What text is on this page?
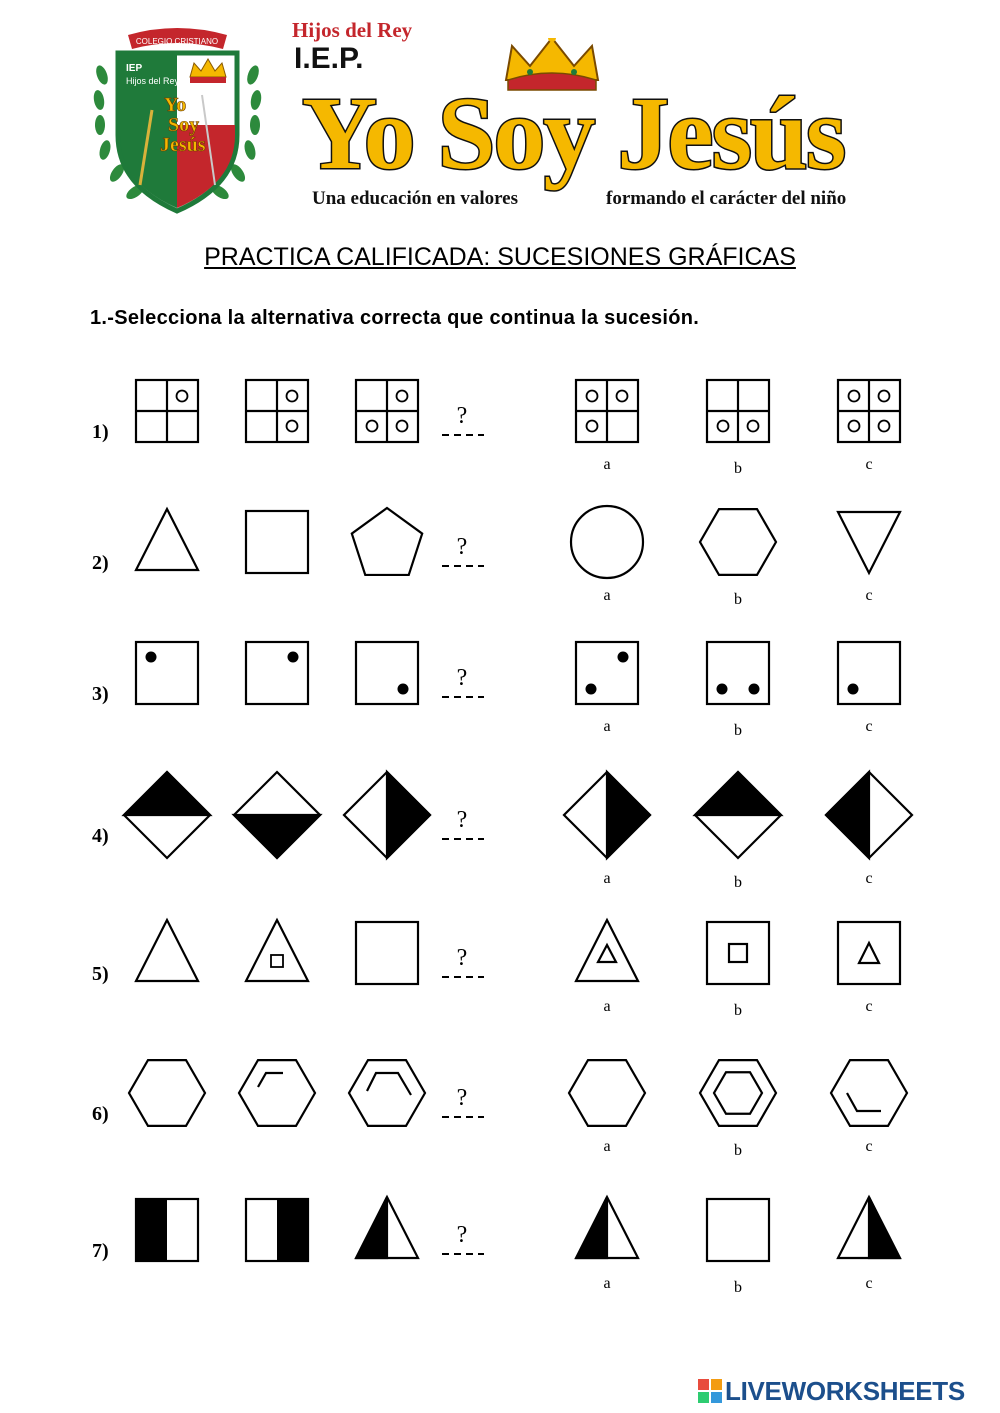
COLEGIO CRISTIANO
IEP
Hijos del Rey
Yo
Soy
Jesús

Hijos del Rey

I.E.P.

Yo Soy Jesús

Una educación en valores	formando el carácter del niño

PRACTICA CALIFICADA: SUCESIONES GRÁFICAS

1.-Selecciona la alternativa correcta que continua la sucesión.

1)
?
a	b	c
2)
?
a	b	c
3)
?
a	b	c
4)
?
a	b	c
5)
?
a	b	c
6)
?
a	b	c
7)
?
a	b	c

LIVEWORKSHEETS
